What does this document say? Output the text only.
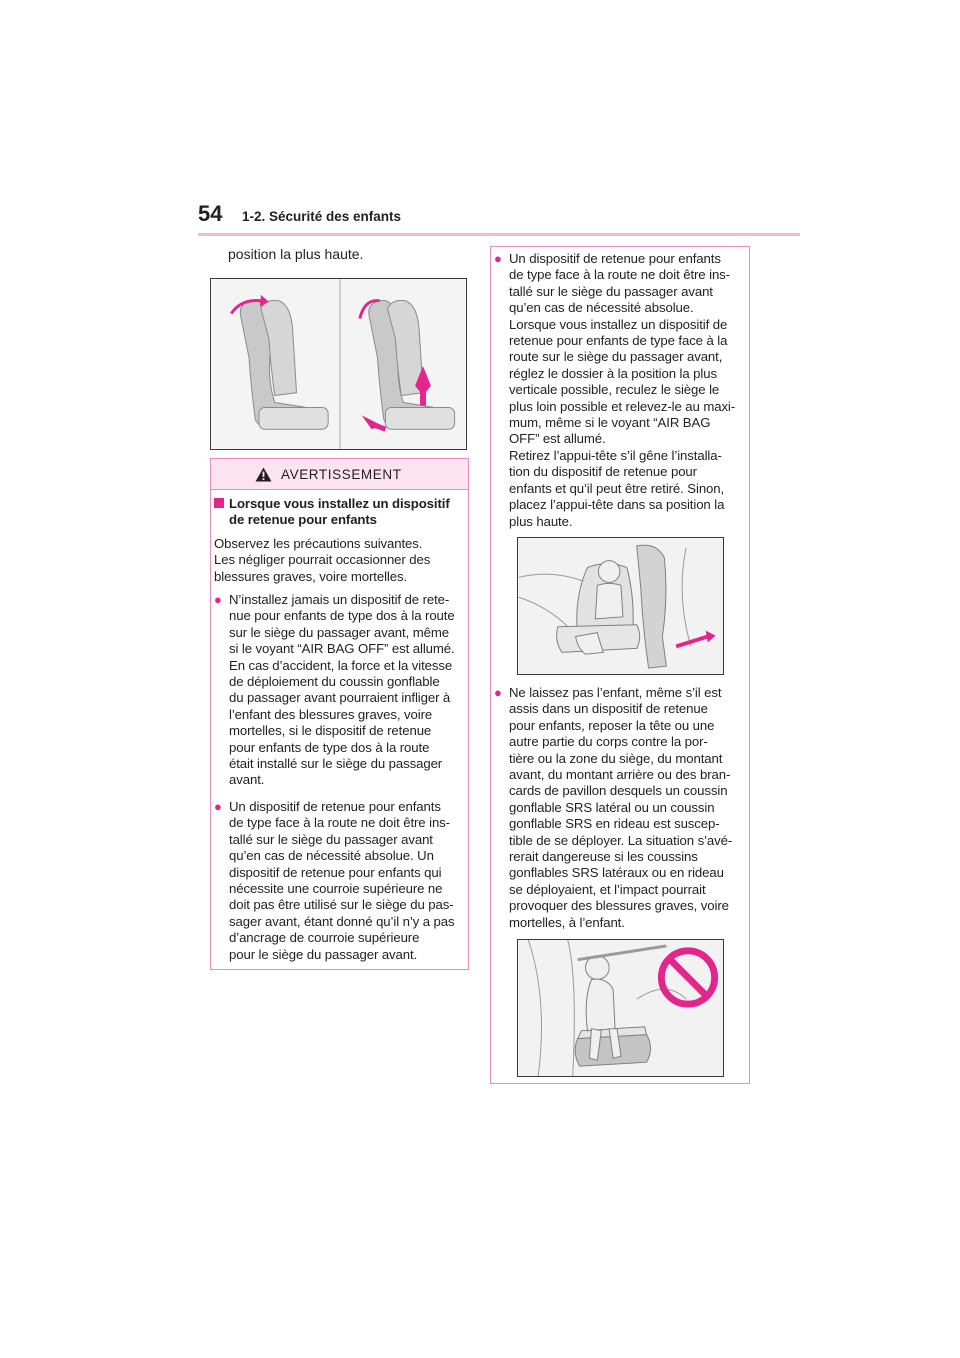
54 1-2. Sécurité des enfants
position la plus haute.
AVERTISSEMENT
Lorsque vous installez un dispositif de retenue pour enfants
Observez les précautions suivantes.
Les négliger pourrait occasionner des
blessures graves, voire mortelles.
● N’installez jamais un dispositif de rete-
nue pour enfants de type dos à la route
sur le siège du passager avant, même
si le voyant “AIR BAG OFF” est allumé.
En cas d’accident, la force et la vitesse
de déploiement du coussin gonflable
du passager avant pourraient infliger à
l’enfant des blessures graves, voire
mortelles, si le dispositif de retenue
pour enfants de type dos à la route
était installé sur le siège du passager
avant.
● Un dispositif de retenue pour enfants
de type face à la route ne doit être ins-
tallé sur le siège du passager avant
qu’en cas de nécessité absolue. Un
dispositif de retenue pour enfants qui
nécessite une courroie supérieure ne
doit pas être utilisé sur le siège du pas-
sager avant, étant donné qu’il n’y a pas
d’ancrage de courroie supérieure
pour le siège du passager avant.
● Un dispositif de retenue pour enfants
de type face à la route ne doit être ins-
tallé sur le siège du passager avant
qu’en cas de nécessité absolue.
Lorsque vous installez un dispositif de
retenue pour enfants de type face à la
route sur le siège du passager avant,
réglez le dossier à la position la plus
verticale possible, reculez le siège le
plus loin possible et relevez-le au maxi-
mum, même si le voyant “AIR BAG
OFF” est allumé.
Retirez l’appui-tête s’il gêne l’installa-
tion du dispositif de retenue pour
enfants et qu’il peut être retiré. Sinon,
placez l’appui-tête dans sa position la
plus haute.
● Ne laissez pas l’enfant, même s’il est
assis dans un dispositif de retenue
pour enfants, reposer la tête ou une
autre partie du corps contre la por-
tière ou la zone du siège, du montant
avant, du montant arrière ou des bran-
cards de pavillon desquels un coussin
gonflable SRS latéral ou un coussin
gonflable SRS en rideau est suscep-
tible de se déployer. La situation s’avé-
rerait dangereuse si les coussins
gonflables SRS latéraux ou en rideau
se déployaient, et l’impact pourrait
provoquer des blessures graves, voire
mortelles, à l’enfant.
